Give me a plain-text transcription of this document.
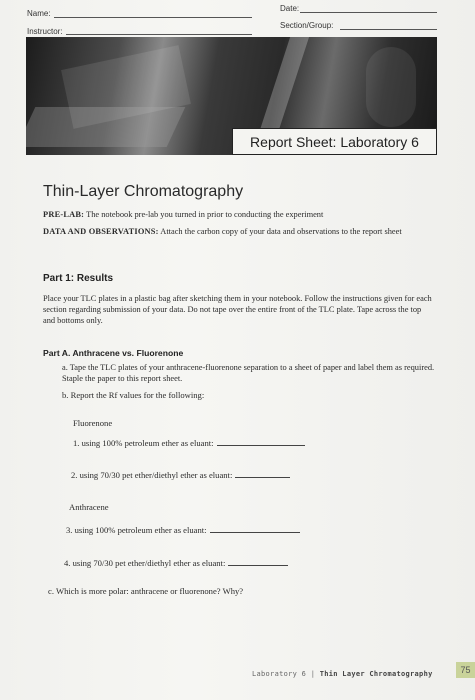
Name:
Instructor:
Date:
Section/Group:
Report Sheet: Laboratory 6
Thin-Layer Chromatography
PRE-LAB: The notebook pre-lab you turned in prior to conducting the experiment
DATA AND OBSERVATIONS: Attach the carbon copy of your data and observations to the report sheet
Part 1: Results
Place your TLC plates in a plastic bag after sketching them in your notebook. Follow the instructions given for each section regarding submission of your data. Do not tape over the entire front of the TLC plate. Tape across the top and bottoms only.
Part A. Anthracene vs. Fluorenone
a. Tape the TLC plates of your anthracene-fluorenone separation to a sheet of paper and label them as required. Staple the paper to this report sheet.
b. Report the Rf values for the following:
Fluorenone
1. using 100% petroleum ether as eluant:
2. using 70/30 pet ether/diethyl ether as eluant:
Anthracene
3. using 100% petroleum ether as eluant:
4. using 70/30 pet ether/diethyl ether as eluant:
c. Which is more polar: anthracene or fluorenone? Why?
Laboratory 6 | Thin Layer Chromatography	75
